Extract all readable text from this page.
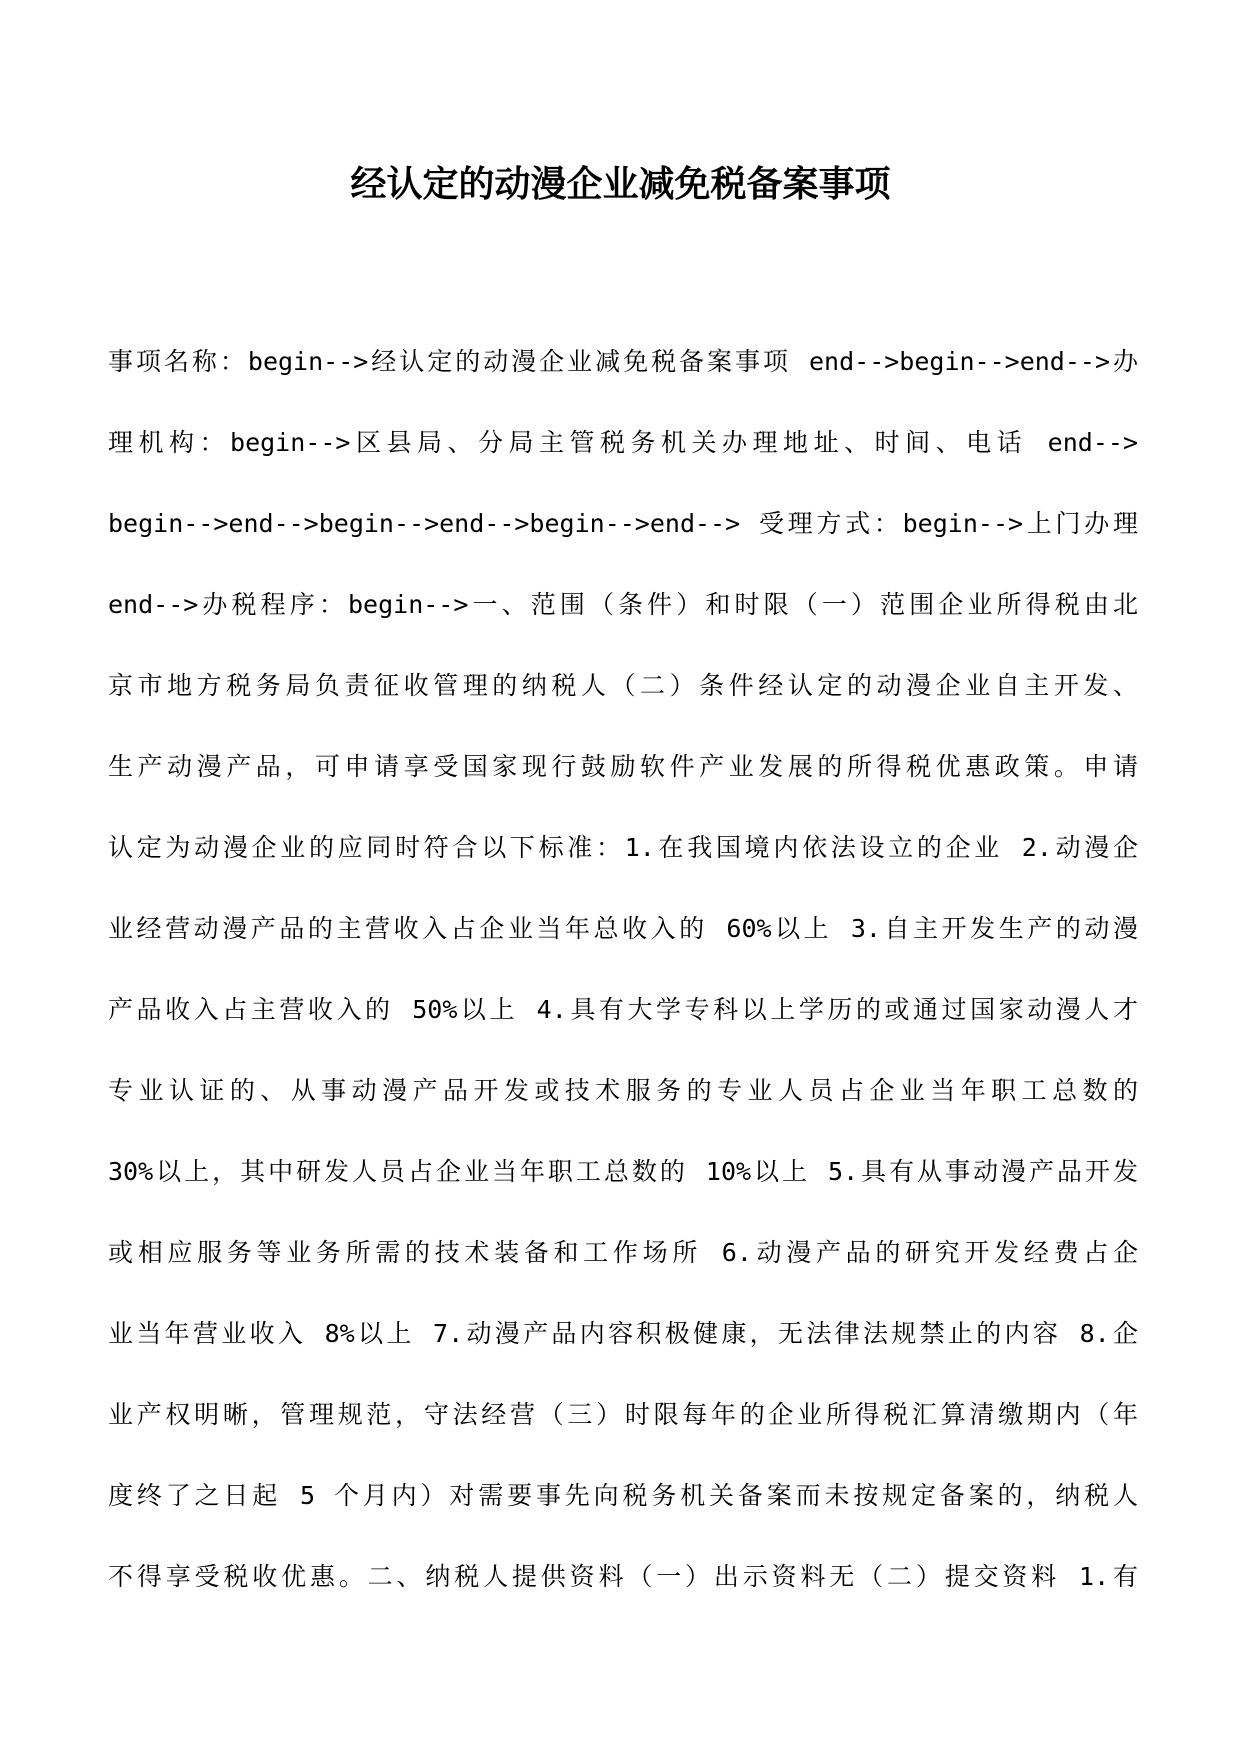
经认定的动漫企业减免税备案事项
事项名称：begin-->经认定的动漫企业减免税备案事项 end-->begin-->end-->办
理机构：begin-->区县局、分局主管税务机关办理地址、时间、电话 end-->
begin-->end-->begin-->end-->begin-->end--> 受理方式：begin-->上门办理
end-->办税程序：begin-->一、范围（条件）和时限（一）范围企业所得税由北
京市地方税务局负责征收管理的纳税人（二）条件经认定的动漫企业自主开发、
生产动漫产品，可申请享受国家现行鼓励软件产业发展的所得税优惠政策。申请
认定为动漫企业的应同时符合以下标准：1.在我国境内依法设立的企业 2.动漫企
业经营动漫产品的主营收入占企业当年总收入的 60%以上 3.自主开发生产的动漫
产品收入占主营收入的 50%以上 4.具有大学专科以上学历的或通过国家动漫人才
专业认证的、从事动漫产品开发或技术服务的专业人员占企业当年职工总数的
30%以上，其中研发人员占企业当年职工总数的 10%以上 5.具有从事动漫产品开发
或相应服务等业务所需的技术装备和工作场所 6.动漫产品的研究开发经费占企
业当年营业收入 8%以上 7.动漫产品内容积极健康，无法律法规禁止的内容 8.企
业产权明晰，管理规范，守法经营（三）时限每年的企业所得税汇算清缴期内（年
度终了之日起 5 个月内）对需要事先向税务机关备案而未按规定备案的，纳税人
不得享受税收优惠。二、纳税人提供资料（一）出示资料无（二）提交资料 1.有
